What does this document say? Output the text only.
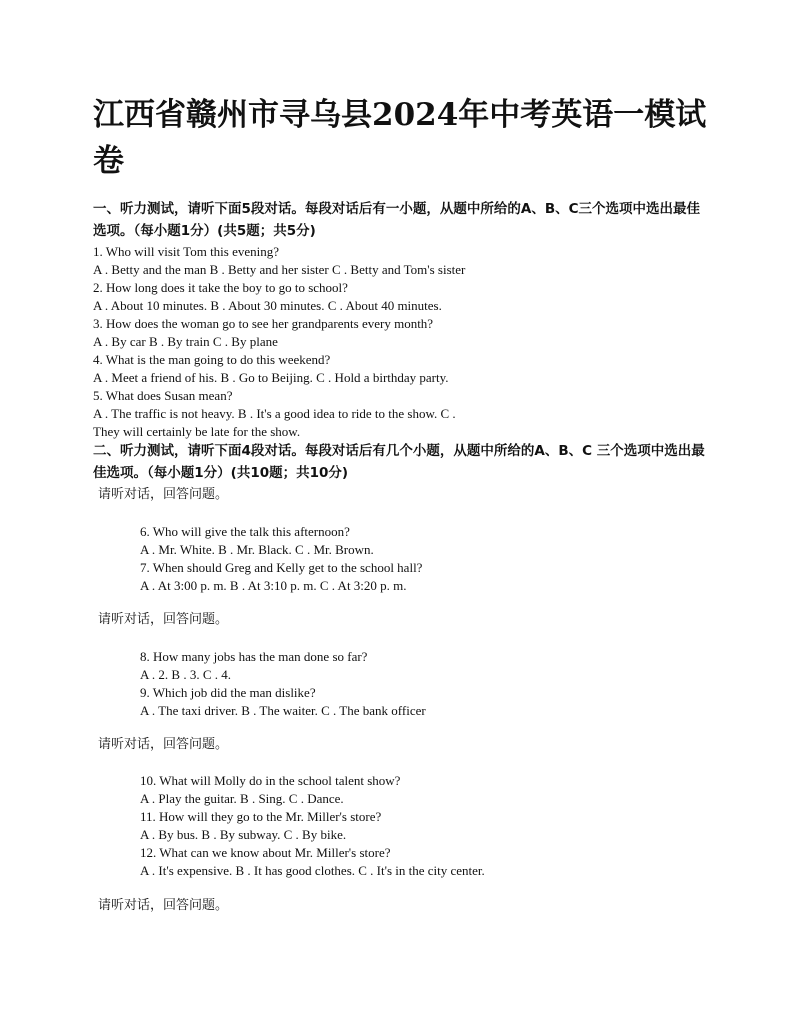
江西省赣州市寻乌县2024年中考英语一模试卷
一、听力测试，请听下面5段对话。每段对话后有一小题，从题中所给的A、B、C三个选项中选出最佳选项。（每小题1分）(共5题；共5分)
1. Who will visit Tom this evening?
A . Betty and the man B . Betty and her sister C . Betty and Tom's sister
2. How long does it take the boy to go to school?
A . About 10 minutes. B . About 30 minutes. C . About 40 minutes.
3. How does the woman go to see her grandparents every month?
A . By car B . By train C . By plane
4. What is the man going to do this weekend?
A . Meet a friend of his. B . Go to Beijing. C . Hold a birthday party.
5. What does Susan mean?
A . The traffic is not heavy. B . It's a good idea to ride to the show. C .
They will certainly be late for the show.
二、听力测试，请听下面4段对话。每段对话后有几个小题，从题中所给的A、B、C 三个选项中选出最佳选项。（每小题1分）(共10题；共10分)
请听对话，回答问题。
6. Who will give the talk this afternoon?
A . Mr. White. B . Mr. Black. C . Mr. Brown.
7. When should Greg and Kelly get to the school hall?
A . At 3:00 p. m. B . At 3:10 p. m. C . At 3:20 p. m.
请听对话，回答问题。
8. How many jobs has the man done so far?
A . 2. B . 3. C . 4.
9. Which job did the man dislike?
A . The taxi driver. B . The waiter. C . The bank officer
请听对话，回答问题。
10. What will Molly do in the school talent show?
A . Play the guitar. B . Sing. C . Dance.
11. How will they go to the Mr. Miller's store?
A . By bus. B . By subway. C . By bike.
12. What can we know about Mr. Miller's store?
A . It's expensive. B . It has good clothes. C . It's in the city center.
请听对话，回答问题。
